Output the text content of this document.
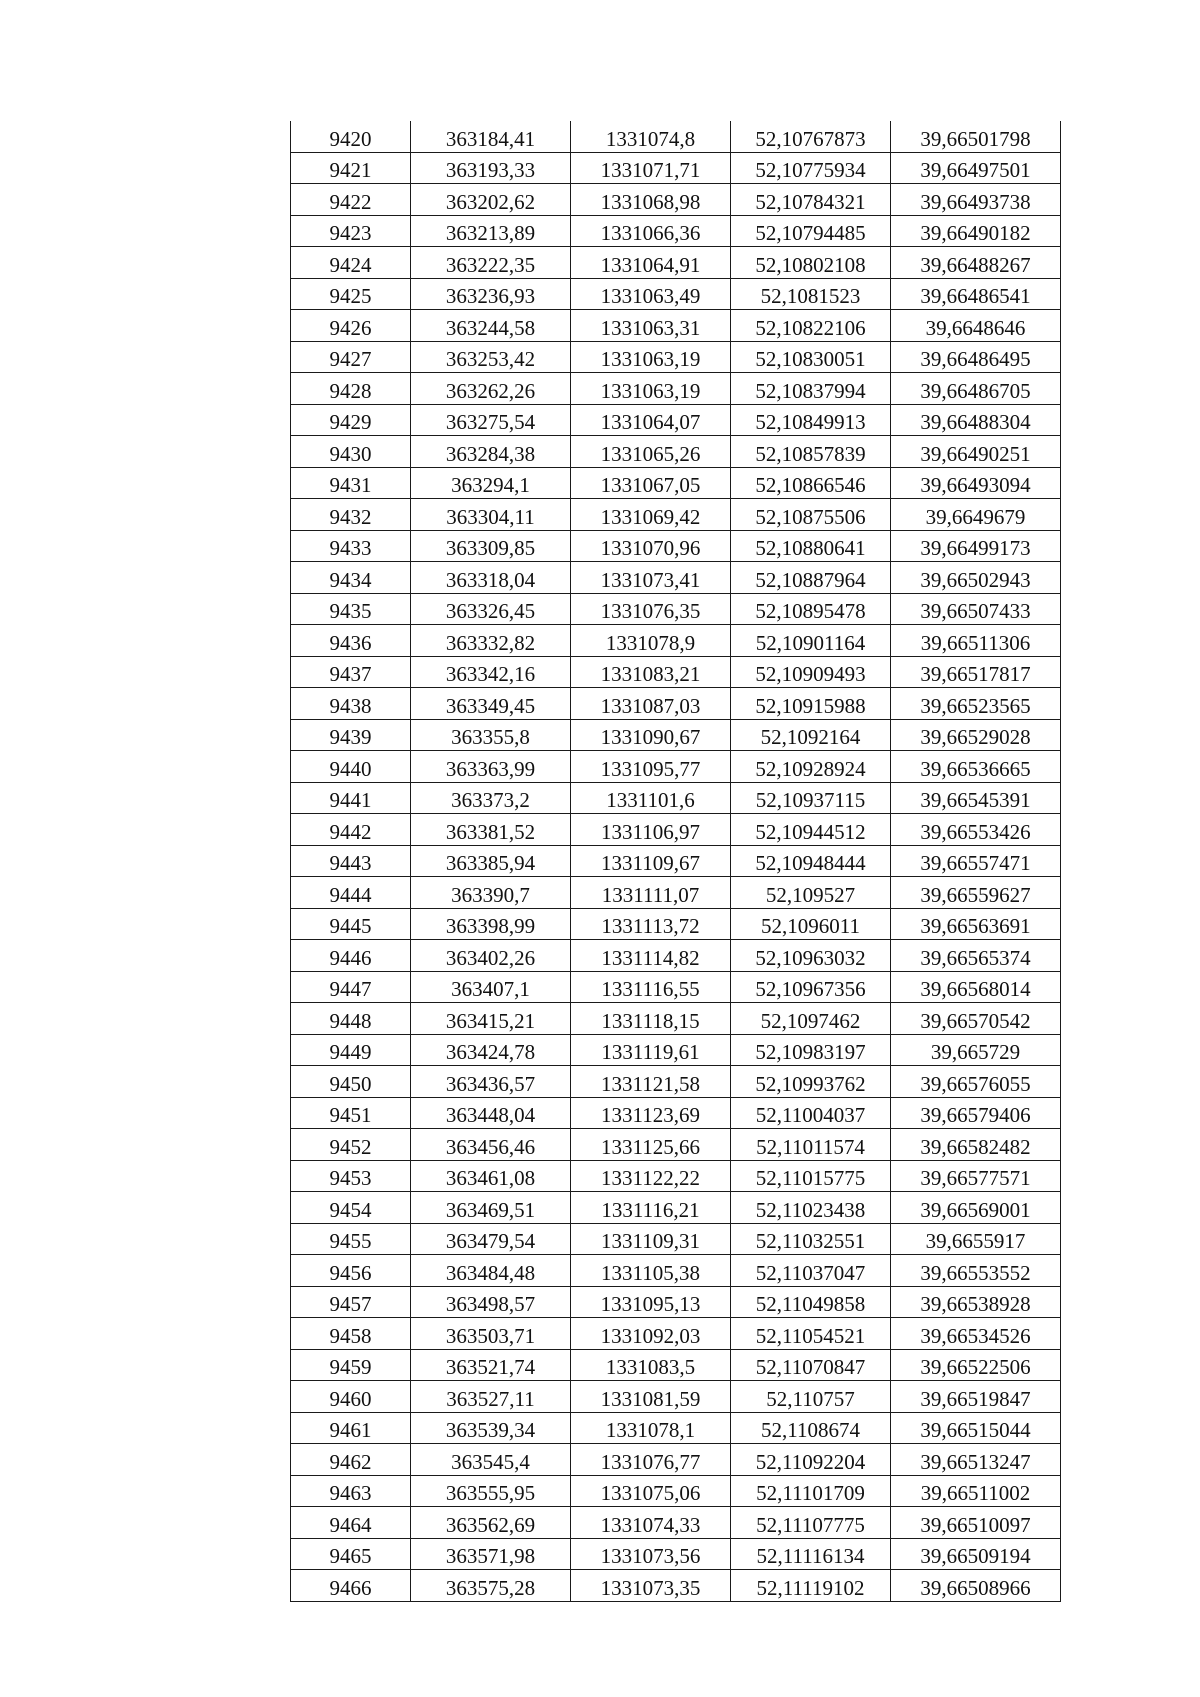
9420	363184,41	1331074,8	52,10767873	39,66501798
9421	363193,33	1331071,71	52,10775934	39,66497501
9422	363202,62	1331068,98	52,10784321	39,66493738
9423	363213,89	1331066,36	52,10794485	39,66490182
9424	363222,35	1331064,91	52,10802108	39,66488267
9425	363236,93	1331063,49	52,1081523	39,66486541
9426	363244,58	1331063,31	52,10822106	39,6648646
9427	363253,42	1331063,19	52,10830051	39,66486495
9428	363262,26	1331063,19	52,10837994	39,66486705
9429	363275,54	1331064,07	52,10849913	39,66488304
9430	363284,38	1331065,26	52,10857839	39,66490251
9431	363294,1	1331067,05	52,10866546	39,66493094
9432	363304,11	1331069,42	52,10875506	39,6649679
9433	363309,85	1331070,96	52,10880641	39,66499173
9434	363318,04	1331073,41	52,10887964	39,66502943
9435	363326,45	1331076,35	52,10895478	39,66507433
9436	363332,82	1331078,9	52,10901164	39,66511306
9437	363342,16	1331083,21	52,10909493	39,66517817
9438	363349,45	1331087,03	52,10915988	39,66523565
9439	363355,8	1331090,67	52,1092164	39,66529028
9440	363363,99	1331095,77	52,10928924	39,66536665
9441	363373,2	1331101,6	52,10937115	39,66545391
9442	363381,52	1331106,97	52,10944512	39,66553426
9443	363385,94	1331109,67	52,10948444	39,66557471
9444	363390,7	1331111,07	52,109527	39,66559627
9445	363398,99	1331113,72	52,1096011	39,66563691
9446	363402,26	1331114,82	52,10963032	39,66565374
9447	363407,1	1331116,55	52,10967356	39,66568014
9448	363415,21	1331118,15	52,1097462	39,66570542
9449	363424,78	1331119,61	52,10983197	39,665729
9450	363436,57	1331121,58	52,10993762	39,66576055
9451	363448,04	1331123,69	52,11004037	39,66579406
9452	363456,46	1331125,66	52,11011574	39,66582482
9453	363461,08	1331122,22	52,11015775	39,66577571
9454	363469,51	1331116,21	52,11023438	39,66569001
9455	363479,54	1331109,31	52,11032551	39,6655917
9456	363484,48	1331105,38	52,11037047	39,66553552
9457	363498,57	1331095,13	52,11049858	39,66538928
9458	363503,71	1331092,03	52,11054521	39,66534526
9459	363521,74	1331083,5	52,11070847	39,66522506
9460	363527,11	1331081,59	52,110757	39,66519847
9461	363539,34	1331078,1	52,1108674	39,66515044
9462	363545,4	1331076,77	52,11092204	39,66513247
9463	363555,95	1331075,06	52,11101709	39,66511002
9464	363562,69	1331074,33	52,11107775	39,66510097
9465	363571,98	1331073,56	52,11116134	39,66509194
9466	363575,28	1331073,35	52,11119102	39,66508966
